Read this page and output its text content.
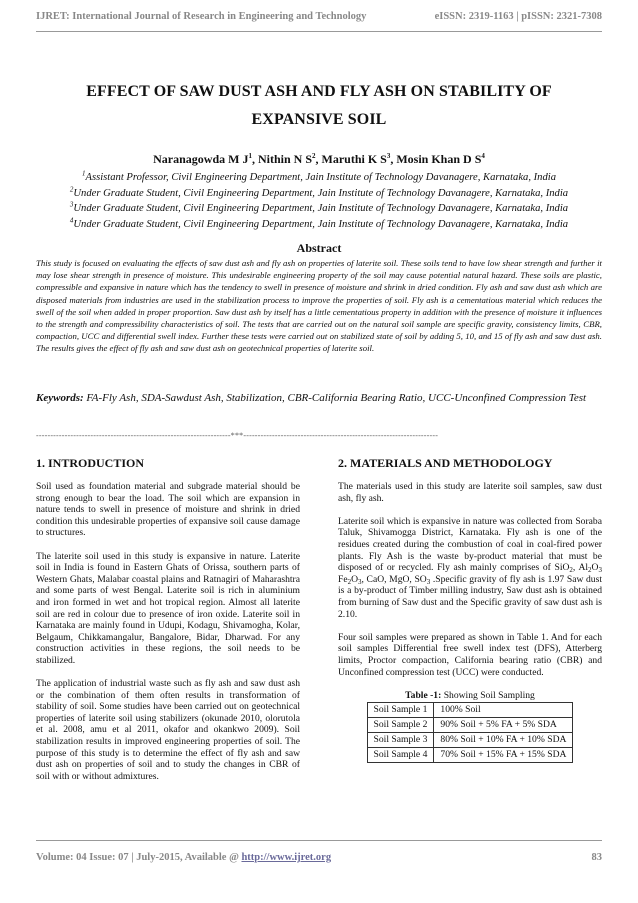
IJRET: International Journal of Research in Engineering and Technology	eISSN: 2319-1163 | pISSN: 2321-7308
EFFECT OF SAW DUST ASH AND FLY ASH ON STABILITY OF
EXPANSIVE SOIL
Naranagowda M $J^1$, Nithin N $S^2$, Maruthi K $S^3$, Mosin Khan D $S^4$
$^1$Assistant Professor, Civil Engineering Department, Jain Institute of Technology Davanagere, Karnataka, India
$^2$Under Graduate Student, Civil Engineering Department, Jain Institute of Technology Davanagere, Karnataka, India
$^3$Under Graduate Student, Civil Engineering Department, Jain Institute of Technology Davanagere, Karnataka, India
$^4$Under Graduate Student, Civil Engineering Department, Jain Institute of Technology Davanagere, Karnataka, India
Abstract
This study is focused on evaluating the effects of saw dust ash and fly ash on properties of laterite soil. These soils tend to have low shear strength and further it may lose shear strength in presence of moisture. This undesirable engineering property of the soil may cause potential natural hazard. These soils are plastic, compressible and expansive in nature which has the tendency to swell in presence of moisture and shrink in dried condition. Fly ash and saw dust ash which are disposed materials from industries are used in the stabilization process to improve the properties of soil. Fly ash is a cementatious material which reduces the swell of the soil when added in proper proportion. Saw dust ash by itself has a little cementatious property in addition with the presence of moisture it influences to the strength and compressibility characteristics of soil. The tests that are carried out on the natural soil sample are specific gravity, consistency limits, CBR, compaction, UCC and differential swell index. Further these tests were carried out on stabilized state of soil by adding 5, 10, and 15 of fly ash and saw dust ash. The results gives the effect of fly ash and saw dust ash on geotechnical properties of laterite soil.
Keywords: FA-Fly Ash, SDA-Sawdust Ash, Stabilization, CBR-California Bearing Ratio, UCC-Unconfined Compression Test
--------------------------------------------------------------------***--------------------------------------------------------------------
1. INTRODUCTION

Soil used as foundation material and subgrade material should be strong enough to bear the load. The soil which are expansion in nature tends to swell in presence of moisture and shrink in dried condition this undesirable properties of expansive soil cause damage to structures.

The laterite soil used in this study is expansive in nature. Laterite soil in India is found in Eastern Ghats of Orissa, southern parts of Western Ghats, Malabar coastal plains and Ratnagiri of Maharashtra and some parts of west Bengal. Laterite soil is rich in aluminium and iron formed in wet and hot tropical region. Almost all laterite soil are red in colour due to presence of iron oxide. Laterite soil in Karnataka are mainly found in Udupi, Kodagu, Shivamogha, Kolar, Belgaum, Chikkamangalur, Bangalore, Bidar, Dharwad. For any construction activities in these regions, the soil needs to be stabilized.

The application of industrial waste such as fly ash and saw dust ash or the combination of them often results in transformation of stability of soil. Some studies have been carried out on geotechnical properties of laterite soil using stabilizers (okunade 2010, olorutola et al. 2008, amu et al 2011, okafor and okankwo 2009). Soil stabilization results in improved engineering properties of soil. The purpose of this study is to determine the effect of fly ash and saw dust ash on properties of soil and to study the changes in CBR of soil with or without admixtures.

2. MATERIALS AND METHODOLOGY

The materials used in this study are laterite soil samples, saw dust ash, fly ash.

Laterite soil which is expansive in nature was collected from Soraba Taluk, Shivamogga District, Karnataka. Fly ash is one of the residues created during the combustion of coal in coal-fired power plants. Fly Ash is the waste by-product material that must be disposed of or recycled. Fly ash mainly comprises of SiO$_2$, $Al_2O_3$ $Fe_2O_3$, CaO, MgO, $SO_3$ .Specific gravity of fly ash is 1.97 Saw dust is a by-product of Timber milling industry, Saw dust ash is obtained from burning of Saw dust and the Specific gravity of saw dust ash is 2.10.

Four soil samples were prepared as shown in Table 1. And for each soil samples Differential free swell index test (DFS), Atterberg limits, Proctor compaction, California bearing ratio (CBR) and Unconfined compression test (UCC) were conducted.

Table -1: Showing Soil Sampling
Soil Sample 1	100% Soil
Soil Sample 2	90% Soil + 5% FA + 5% SDA
Soil Sample 3	80% Soil + 10% FA + 10% SDA
Soil Sample 4	70% Soil + 15% FA + 15% SDA
Volume: 04 Issue: 07 | July-2015, Available @ http://www.ijret.org	83
